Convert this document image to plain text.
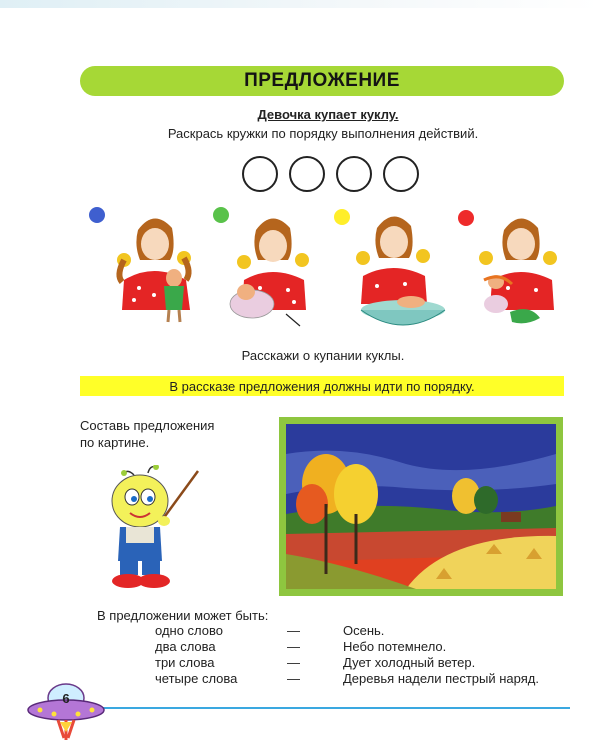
ПРЕДЛОЖЕНИЕ
Девочка купает куклу.
Раскрась кружки по порядку выполнения действий.
Расскажи о купании куклы.
В рассказе предложения должны идти по порядку.
Составь предложения
по картине.
В предложении может быть:
одно слово	—	Осень.
два слова	—	Небо потемнело.
три слова	—	Дует холодный ветер.
четыре слова	—	Деревья надели пестрый наряд.
6
